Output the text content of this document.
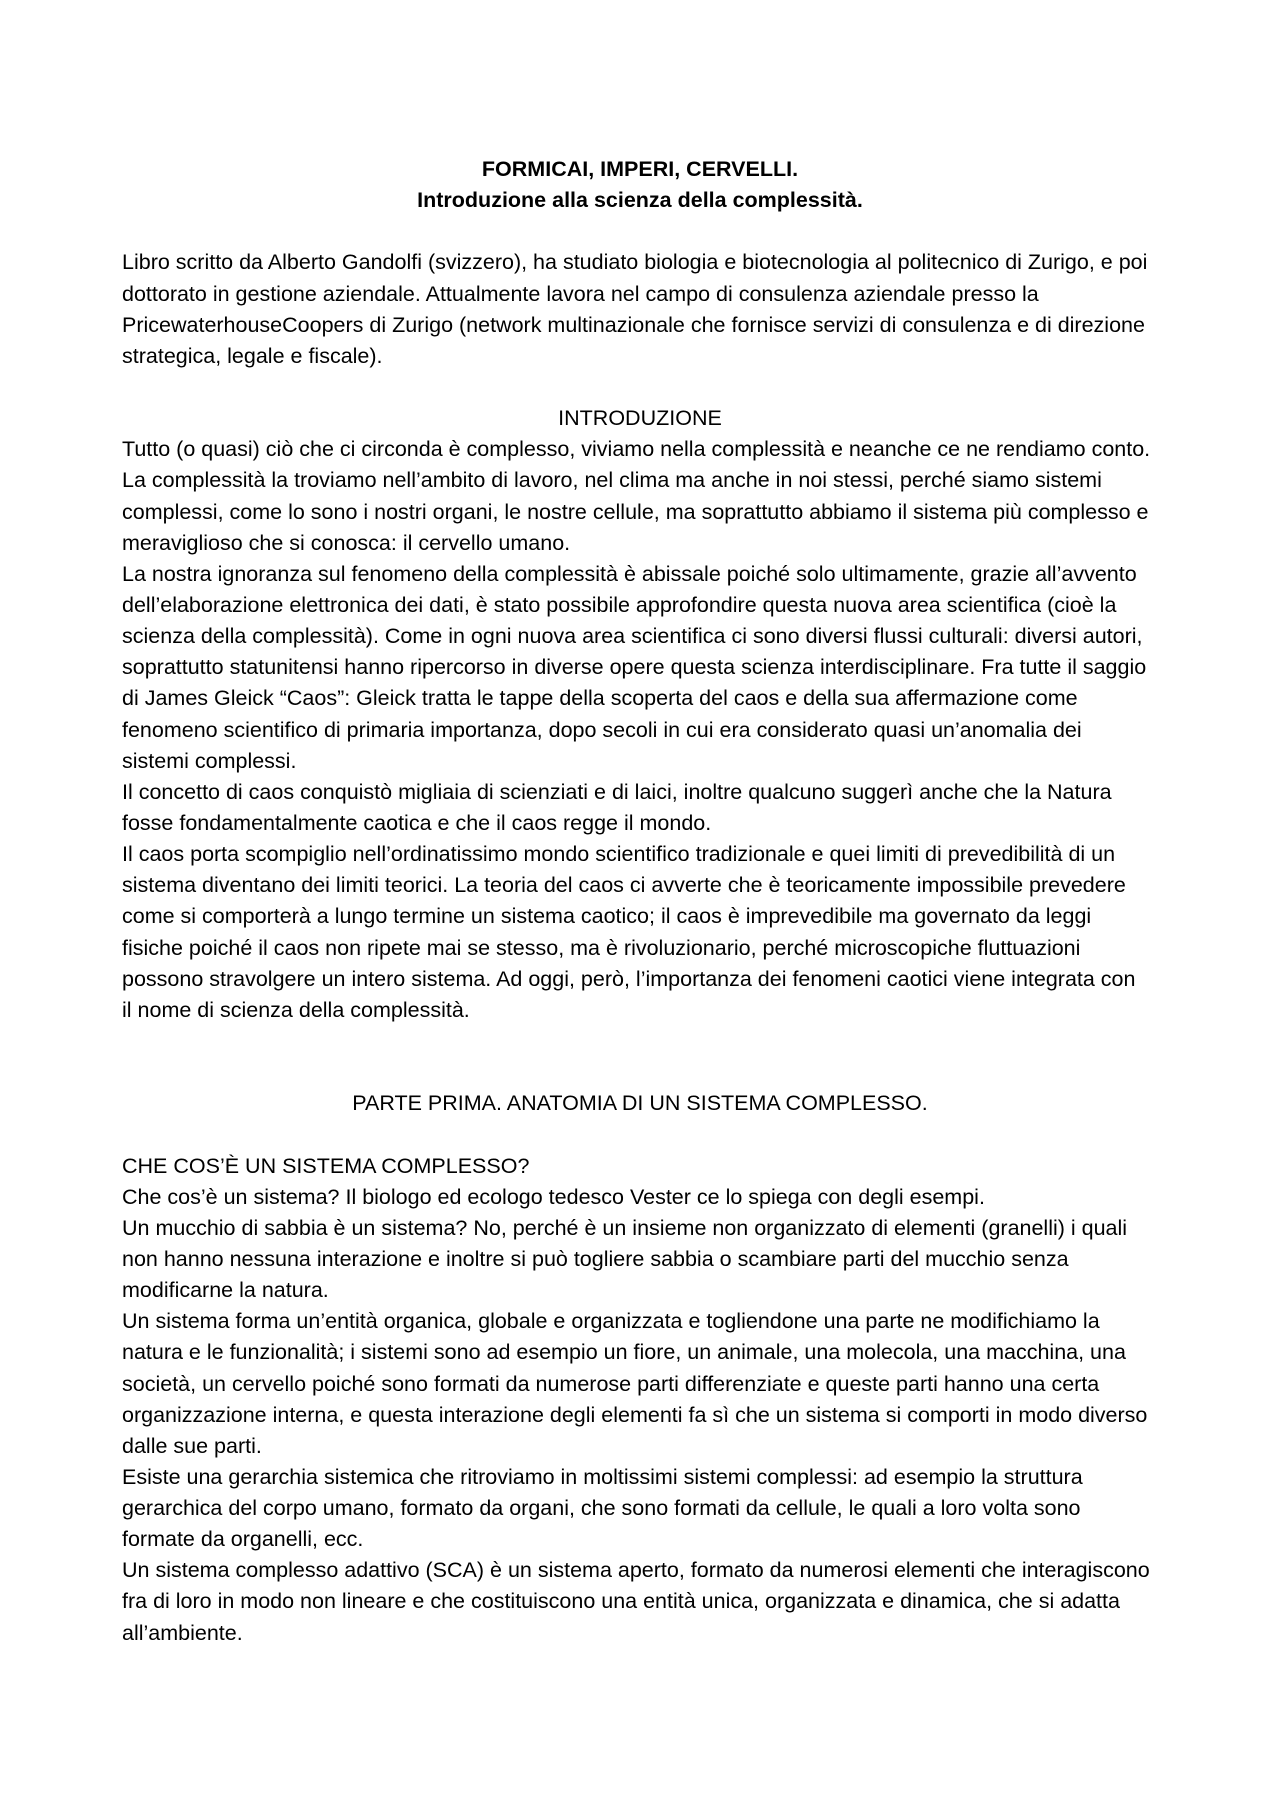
FORMICAI, IMPERI, CERVELLI.
Introduzione alla scienza della complessità.
Libro scritto da Alberto Gandolfi (svizzero), ha studiato biologia e biotecnologia al politecnico di Zurigo, e poi
dottorato in gestione aziendale. Attualmente lavora nel campo di consulenza aziendale presso la
PricewaterhouseCoopers di Zurigo (network multinazionale che fornisce servizi di consulenza e di direzione
strategica, legale e fiscale).
INTRODUZIONE
Tutto (o quasi) ciò che ci circonda è complesso, viviamo nella complessità e neanche ce ne rendiamo conto.
La complessità la troviamo nell’ambito di lavoro, nel clima ma anche in noi stessi, perché siamo sistemi
complessi, come lo sono i nostri organi, le nostre cellule, ma soprattutto abbiamo il sistema più complesso e
meraviglioso che si conosca: il cervello umano.
La nostra ignoranza sul fenomeno della complessità è abissale poiché solo ultimamente, grazie all’avvento
dell’elaborazione elettronica dei dati, è stato possibile approfondire questa nuova area scientifica (cioè la
scienza della complessità). Come in ogni nuova area scientifica ci sono diversi flussi culturali: diversi autori,
soprattutto statunitensi hanno ripercorso in diverse opere questa scienza interdisciplinare. Fra tutte il saggio
di James Gleick “Caos”: Gleick tratta le tappe della scoperta del caos e della sua affermazione come
fenomeno scientifico di primaria importanza, dopo secoli in cui era considerato quasi un’anomalia dei
sistemi complessi.
Il concetto di caos conquistò migliaia di scienziati e di laici, inoltre qualcuno suggerì anche che la Natura
fosse fondamentalmente caotica e che il caos regge il mondo.
Il caos porta scompiglio nell’ordinatissimo mondo scientifico tradizionale e quei limiti di prevedibilità di un
sistema diventano dei limiti teorici. La teoria del caos ci avverte che è teoricamente impossibile prevedere
come si comporterà a lungo termine un sistema caotico; il caos è imprevedibile ma governato da leggi
fisiche poiché il caos non ripete mai se stesso, ma è rivoluzionario, perché microscopiche fluttuazioni
possono stravolgere un intero sistema. Ad oggi, però, l’importanza dei fenomeni caotici viene integrata con
il nome di scienza della complessità.
PARTE PRIMA. ANATOMIA DI UN SISTEMA COMPLESSO.
CHE COS’È UN SISTEMA COMPLESSO?
Che cos’è un sistema? Il biologo ed ecologo tedesco Vester ce lo spiega con degli esempi.
Un mucchio di sabbia è un sistema? No, perché è un insieme non organizzato di elementi (granelli) i quali
non hanno nessuna interazione e inoltre si può togliere sabbia o scambiare parti del mucchio senza
modificarne la natura.
Un sistema forma un’entità organica, globale e organizzata e togliendone una parte ne modifichiamo la
natura e le funzionalità; i sistemi sono ad esempio un fiore, un animale, una molecola, una macchina, una
società, un cervello poiché sono formati da numerose parti differenziate e queste parti hanno una certa
organizzazione interna, e questa interazione degli elementi fa sì che un sistema si comporti in modo diverso
dalle sue parti.
Esiste una gerarchia sistemica che ritroviamo in moltissimi sistemi complessi: ad esempio la struttura
gerarchica del corpo umano, formato da organi, che sono formati da cellule, le quali a loro volta sono
formate da organelli, ecc.
Un sistema complesso adattivo (SCA) è un sistema aperto, formato da numerosi elementi che interagiscono
fra di loro in modo non lineare e che costituiscono una entità unica, organizzata e dinamica, che si adatta
all’ambiente.
